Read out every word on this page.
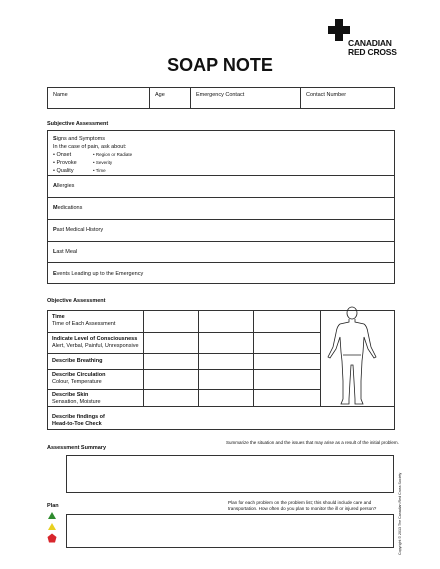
CANADIAN
RED CROSS
SOAP NOTE
Name	Age	Emergency Contact	Contact Number
Subjective Assessment
Signs and Symptoms
In the case of pain, ask about:
• Onset
• Provoke
• Quality
• Region or Radiate
• Severity
• Time
Allergies
Medications
Past Medical History
Last Meal
Events Leading up to the Emergency
Objective Assessment
Time
Time of Each Assessment
Indicate Level of Consciousness
Alert, Verbal, Painful, Unresponsive
Describe Breathing
Describe Circulation
Colour, Temperature
Describe Skin
Sensation, Moisture
Describe findings of
Head-to-Toe Check
Assessment Summary
Summarize the situation and the issues that may arise as a result of the initial problem.
Plan for each problem on the problem list; this should include care and transportation. How often do you plan to monitor the ill or injured person?
Plan	Copyright © 2013 The Canadian Red Cross Society
